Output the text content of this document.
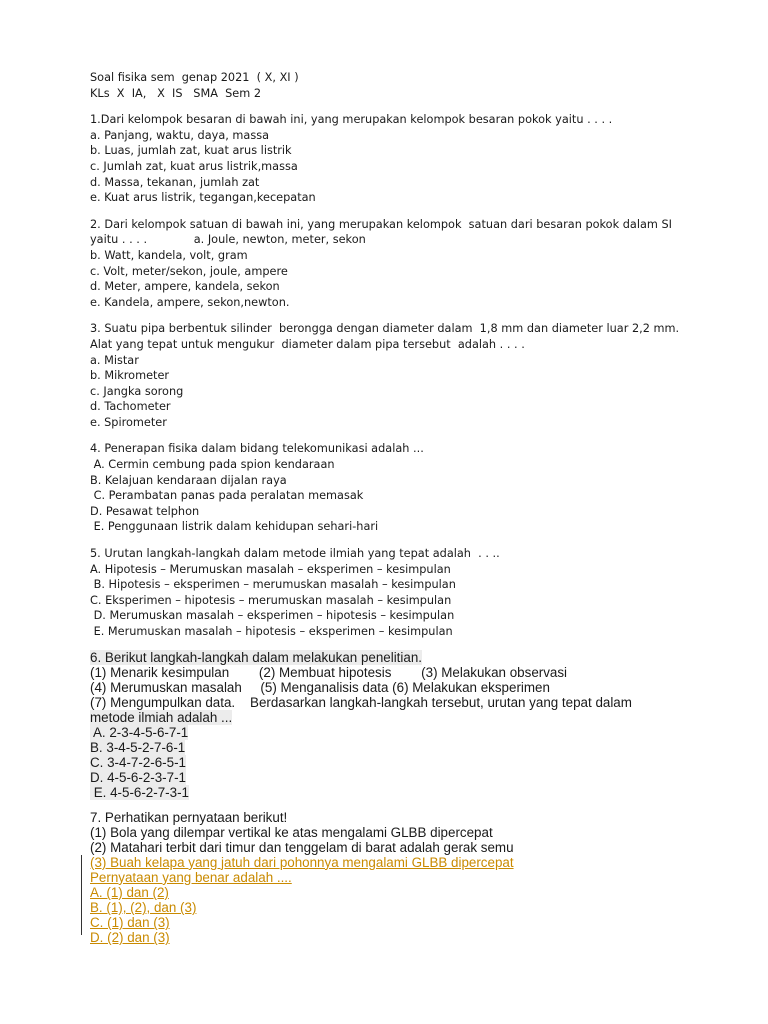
Soal fisika sem  genap 2021  ( X, XI )
KLs  X  IA,   X  IS   SMA  Sem 2
1.Dari kelompok besaran di bawah ini, yang merupakan kelompok besaran pokok yaitu . . . .
a. Panjang, waktu, daya, massa
b. Luas, jumlah zat, kuat arus listrik
c. Jumlah zat, kuat arus listrik,massa
d. Massa, tekanan, jumlah zat
e. Kuat arus listrik, tegangan,kecepatan
2. Dari kelompok satuan di bawah ini, yang merupakan kelompok  satuan dari besaran pokok dalam SI
yaitu . . . .             a. Joule, newton, meter, sekon
b. Watt, kandela, volt, gram
c. Volt, meter/sekon, joule, ampere
d. Meter, ampere, kandela, sekon
e. Kandela, ampere, sekon,newton.
3. Suatu pipa berbentuk silinder  berongga dengan diameter dalam  1,8 mm dan diameter luar 2,2 mm.
Alat yang tepat untuk mengukur  diameter dalam pipa tersebut  adalah . . . .
a. Mistar
b. Mikrometer
c. Jangka sorong
d. Tachometer
e. Spirometer
4. Penerapan fisika dalam bidang telekomunikasi adalah ...
A. Cermin cembung pada spion kendaraan
B. Kelajuan kendaraan dijalan raya
C. Perambatan panas pada peralatan memasak
D. Pesawat telphon
E. Penggunaan listrik dalam kehidupan sehari-hari
5. Urutan langkah-langkah dalam metode ilmiah yang tepat adalah  . . ..
A. Hipotesis – Merumuskan masalah – eksperimen – kesimpulan
B. Hipotesis – eksperimen – merumuskan masalah – kesimpulan
C. Eksperimen – hipotesis – merumuskan masalah – kesimpulan
D. Merumuskan masalah – eksperimen – hipotesis – kesimpulan
E. Merumuskan masalah – hipotesis – eksperimen – kesimpulan
6. Berikut langkah-langkah dalam melakukan penelitian.
(1) Menarik kesimpulan        (2) Membuat hipotesis        (3) Melakukan observasi
(4) Merumuskan masalah     (5) Menganalisis data (6) Melakukan eksperimen
(7) Mengumpulkan data.    Berdasarkan langkah-langkah tersebut, urutan yang tepat dalam
metode ilmiah adalah ...
A. 2-3-4-5-6-7-1
B. 3-4-5-2-7-6-1
C. 3-4-7-2-6-5-1
D. 4-5-6-2-3-7-1
E. 4-5-6-2-7-3-1
7. Perhatikan pernyataan berikut!
(1) Bola yang dilempar vertikal ke atas mengalami GLBB dipercepat
(2) Matahari terbit dari timur dan tenggelam di barat adalah gerak semu
(3) Buah kelapa yang jatuh dari pohonnya mengalami GLBB dipercepat
Pernyataan yang benar adalah ....
A. (1) dan (2)
B. (1), (2), dan (3)
C. (1) dan (3)
D. (2) dan (3)
